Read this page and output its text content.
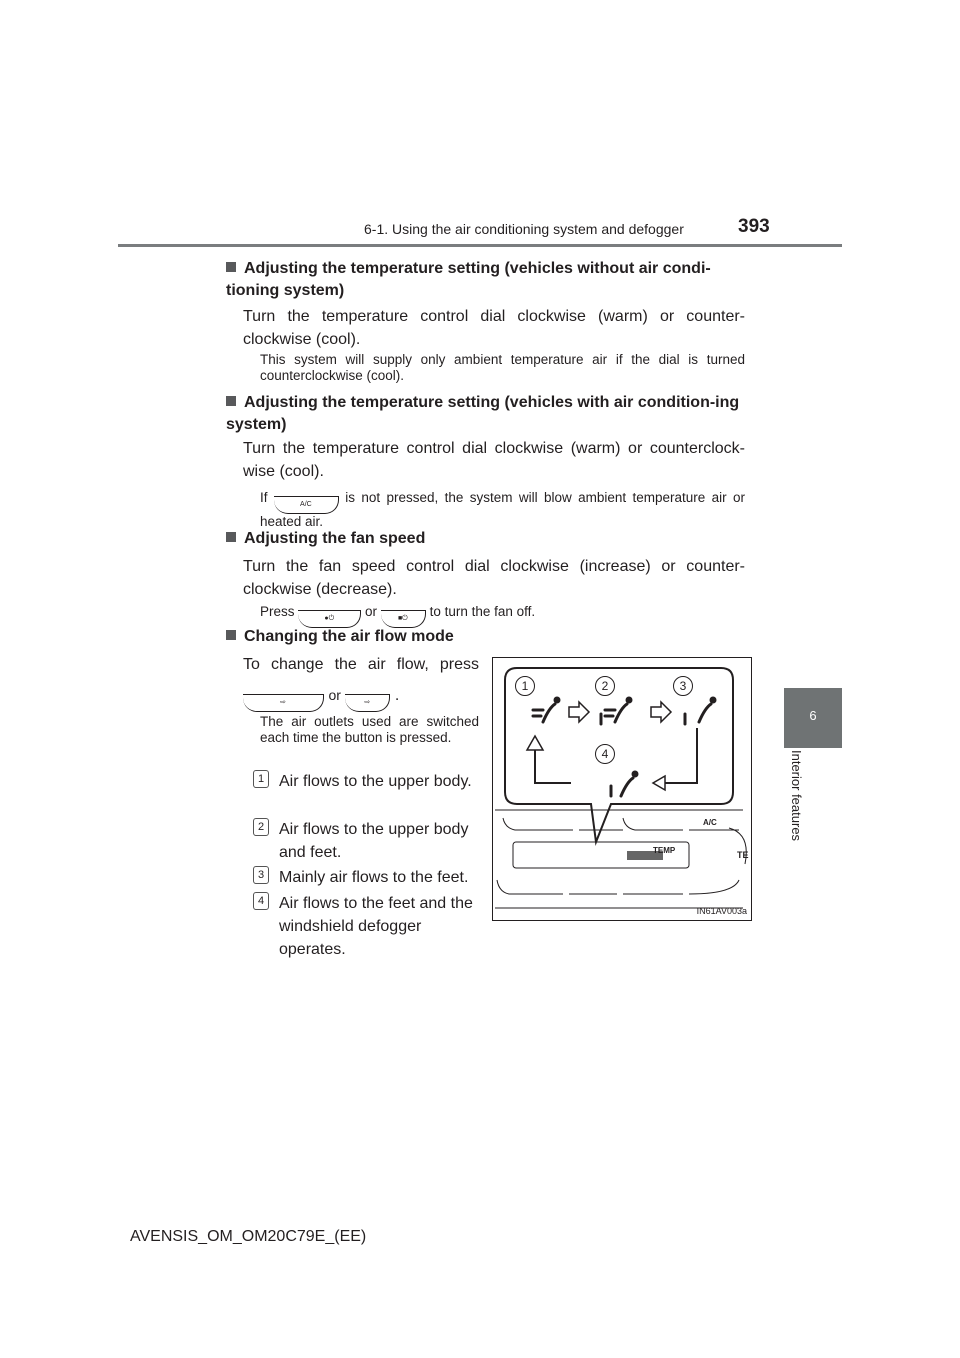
6-1. Using the air conditioning system and defogger	393
6
Interior features
Adjusting the temperature setting (vehicles without air condi-tioning system)
Turn the temperature control dial clockwise (warm) or counter-clockwise (cool).
This system will supply only ambient temperature air if the dial is turned counterclockwise (cool).
Adjusting the temperature setting (vehicles with air condition-ing system)
Turn the temperature control dial clockwise (warm) or counterclock-wise (cool).
If	A/C is not pressed, the system will blow ambient temperature air or heated air.
Adjusting the fan speed
Turn the fan speed control dial clockwise (increase) or counter-clockwise (decrease).
Press	●⏻ or	■⏻ to turn the fan off.
Changing the air flow mode
To change the air flow, press
⇨	or	⇨ .
The air outlets used are switched each time the button is pressed.
1 Air flows to the upper body.
2 Air flows to the upper body and feet.
3 Mainly air flows to the feet.
4 Air flows to the feet and the windshield defogger operates.
1	2	3
4
TEMP
A/C
TE
IN61AV003a
AVENSIS_OM_OM20C79E_(EE)
